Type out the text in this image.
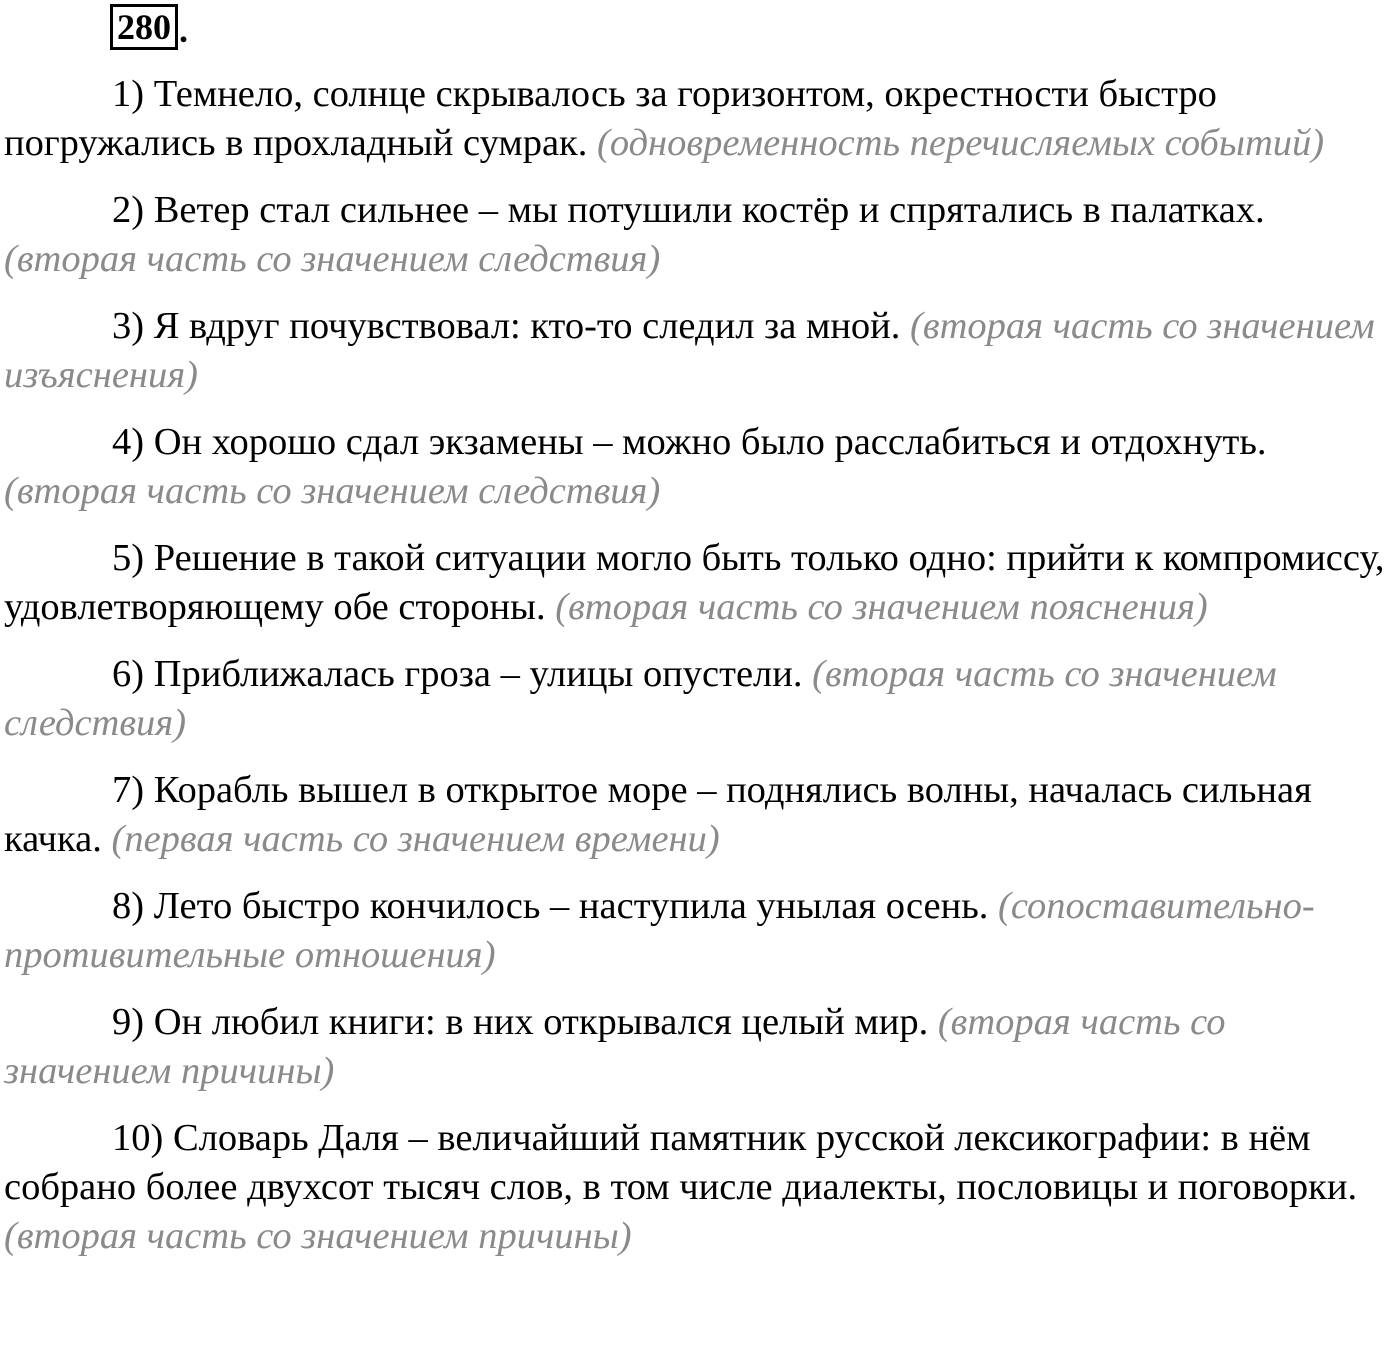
280 .

1) Темнело, солнце скрывалось за горизонтом, окрестности быстро погружались в прохладный сумрак. (одновременность перечисляемых событий)

2) Ветер стал сильнее – мы потушили костёр и спрятались в палатках. (вторая часть со значением следствия)

3) Я вдруг почувствовал: кто-то следил за мной. (вторая часть со значением изъяснения)

4) Он хорошо сдал экзамены – можно было расслабиться и отдохнуть. (вторая часть со значением следствия)

5) Решение в такой ситуации могло быть только одно: прийти к компромиссу, удовлетворяющему обе стороны. (вторая часть со значением пояснения)

6) Приближалась гроза – улицы опустели. (вторая часть со значением следствия)

7) Корабль вышел в открытое море – поднялись волны, началась сильная качка. (первая часть со значением времени)

8) Лето быстро кончилось – наступила унылая осень. (сопоставительно-противительные отношения)

9) Он любил книги: в них открывался целый мир. (вторая часть со значением причины)

10) Словарь Даля – величайший памятник русской лексикографии: в нём собрано более двухсот тысяч слов, в том числе диалекты, пословицы и поговорки. (вторая часть со значением причины)
